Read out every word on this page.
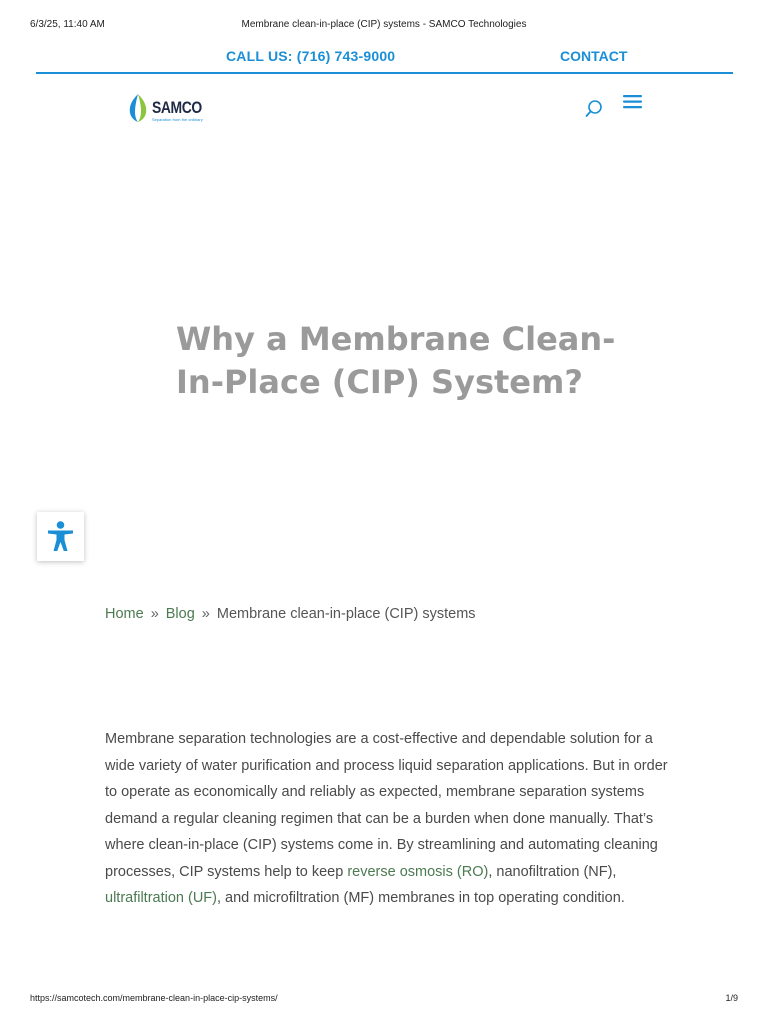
6/3/25, 11:40 AM	Membrane clean-in-place (CIP) systems - SAMCO Technologies
CALL US: (716) 743-9000	CONTACT
SAMCO
Separation from the ordinary
Why a Membrane Clean-In-Place (CIP) System?
Home » Blog » Membrane clean-in-place (CIP) systems

Membrane separation technologies are a cost-effective and dependable solution for a wide variety of water purification and process liquid separation applications. But in order to operate as economically and reliably as expected, membrane separation systems demand a regular cleaning regimen that can be a burden when done manually. That’s where clean-in-place (CIP) systems come in. By streamlining and automating cleaning processes, CIP systems help to keep reverse osmosis (RO), nanofiltration (NF), ultrafiltration (UF), and microfiltration (MF) membranes in top operating condition.

https://samcotech.com/membrane-clean-in-place-cip-systems/	1/9
